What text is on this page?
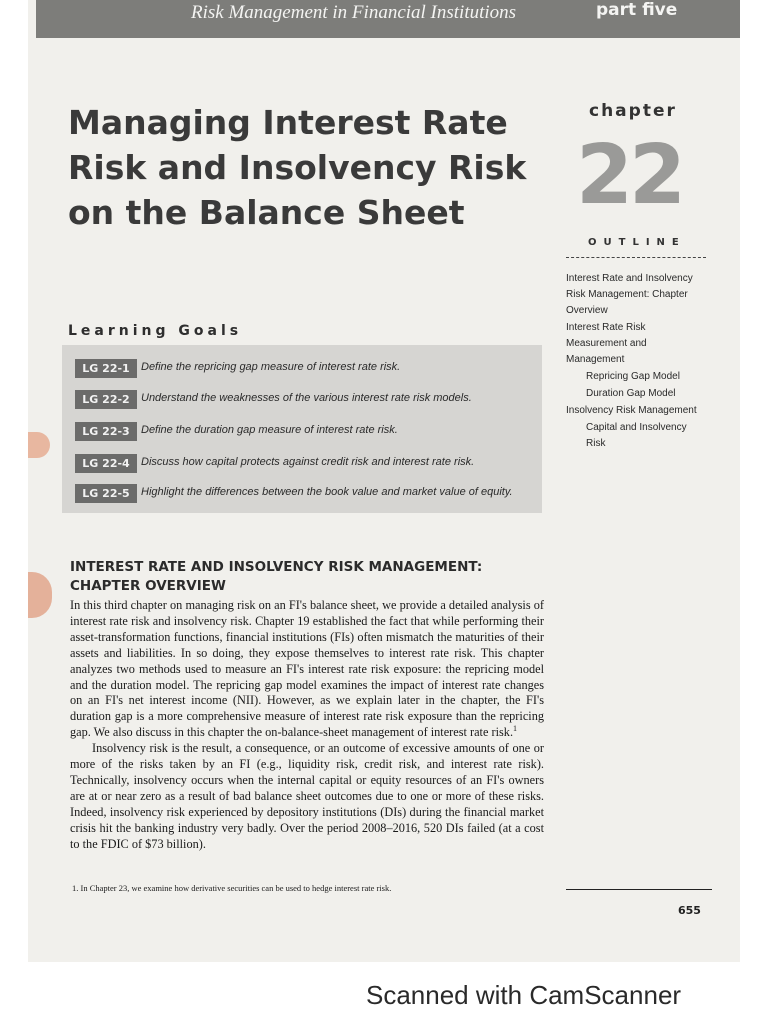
Risk Management in Financial Institutions	part five
Managing Interest Rate
Risk and Insolvency Risk
on the Balance Sheet
chapter
22
OUTLINE
Interest Rate and Insolvency Risk Management: Chapter Overview
Interest Rate Risk Measurement and Management
Repricing Gap Model
Duration Gap Model
Insolvency Risk Management
Capital and Insolvency Risk
Learning Goals
LG 22-1	Define the repricing gap measure of interest rate risk.
LG 22-2	Understand the weaknesses of the various interest rate risk models.
LG 22-3	Define the duration gap measure of interest rate risk.
LG 22-4	Discuss how capital protects against credit risk and interest rate risk.
LG 22-5	Highlight the differences between the book value and market value of equity.
INTEREST RATE AND INSOLVENCY RISK MANAGEMENT:
CHAPTER OVERVIEW

In this third chapter on managing risk on an FI's balance sheet, we provide a detailed analysis of interest rate risk and insolvency risk. Chapter 19 established the fact that while performing their asset-transformation functions, financial institutions (FIs) often mismatch the maturities of their assets and liabilities. In so doing, they expose themselves to interest rate risk. This chapter analyzes two methods used to measure an FI's interest rate risk exposure: the repricing model and the duration model. The repricing gap model examines the impact of interest rate changes on an FI's net interest income (NII). However, as we explain later in the chapter, the FI's duration gap is a more comprehensive measure of interest rate risk exposure than the repricing gap. We also discuss in this chapter the on-balance-sheet management of interest rate risk.$^1$

Insolvency risk is the result, a consequence, or an outcome of excessive amounts of one or more of the risks taken by an FI (e.g., liquidity risk, credit risk, and interest rate risk). Technically, insolvency occurs when the internal capital or equity resources of an FI's owners are at or near zero as a result of bad balance sheet outcomes due to one or more of these risks. Indeed, insolvency risk experienced by depository institutions (DIs) during the financial market crisis hit the banking industry very badly. Over the period 2008–2016, 520 DIs failed (at a cost to the FDIC of $73 billion).

1. In Chapter 23, we examine how derivative securities can be used to hedge interest rate risk.
655
Scanned with CamScanner
